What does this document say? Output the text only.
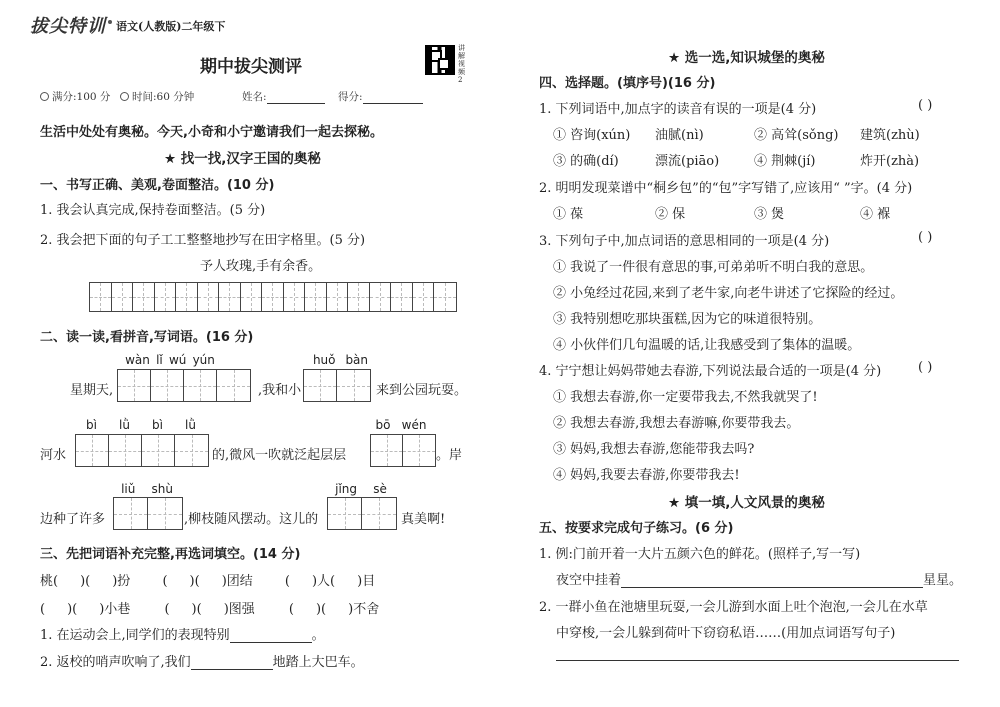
拔尖特训 语文(人教版)二年级下
期中拔尖测评
讲解视频2
满分:100 分	时间:60 分钟	姓名:	得分:
生活中处处有奥秘。今天,小奇和小宁邀请我们一起去探秘。
★ 找一找,汉字王国的奥秘
一、书写正确、美观,卷面整洁。(10 分)
1. 我会认真完成,保持卷面整洁。(5 分)
2. 我会把下面的句子工工整整地抄写在田字格里。(5 分)
予人玫瑰,手有余香。
二、读一读,看拼音,写词语。(16 分)
wàn lǐ wú yún	huǒ bàn
星期天,	,我和小	来到公园玩耍。
bì lǜ bì lǜ	bō wén
河水	的,微风一吹就泛起层层	。岸
liǔ shù	jǐng sè
边种了许多	,柳枝随风摆动。这儿的	真美啊!
三、先把词语补充完整,再选词填空。(14 分)
桃( )( )扮 ( )( )团结 ( )人( )目
( )( )小巷	( )( )图强	( )( )不舍
1. 在运动会上,同学们的表现特别	。
2. 返校的哨声吹响了,我们	地踏上大巴车。
★ 选一选,知识城堡的奥秘
四、选择题。(填序号)(16 分)
1. 下列词语中,加点字的读音有误的一项是(4 分)	( )
① 咨询(xún) 油腻(nì)	② 高耸(sǒng) 建筑(zhù)
③ 的确(dí)	漂流(piāo)	④ 荆棘(jí)	炸开(zhà)
2. 明明发现菜谱中“桐乡包”的“包”字写错了,应该用“ ”字。(4 分)
① 葆	② 保	③ 煲	④ 褓
3. 下列句子中,加点词语的意思相同的一项是(4 分)	( )
① 我说了一件很有意思的事,可弟弟听不明白我的意思。
② 小兔经过花园,来到了老牛家,向老牛讲述了它探险的经过。
③ 我特别想吃那块蛋糕,因为它的味道很特别。
④ 小伙伴们几句温暖的话,让我感受到了集体的温暖。
4. 宁宁想让妈妈带她去春游,下列说法最合适的一项是(4 分)	( )
① 我想去春游,你一定要带我去,不然我就哭了!
② 我想去春游,我想去春游嘛,你要带我去。
③ 妈妈,我想去春游,您能带我去吗?
④ 妈妈,我要去春游,你要带我去!
★ 填一填,人文风景的奥秘
五、按要求完成句子练习。(6 分)
1. 例:门前开着一大片五颜六色的鲜花。(照样子,写一写)
夜空中挂着	星星。
2. 一群小鱼在池塘里玩耍,一会儿游到水面上吐个泡泡,一会儿在水草
中穿梭,一会儿躲到荷叶下窃窃私语……(用加点词语写句子)
